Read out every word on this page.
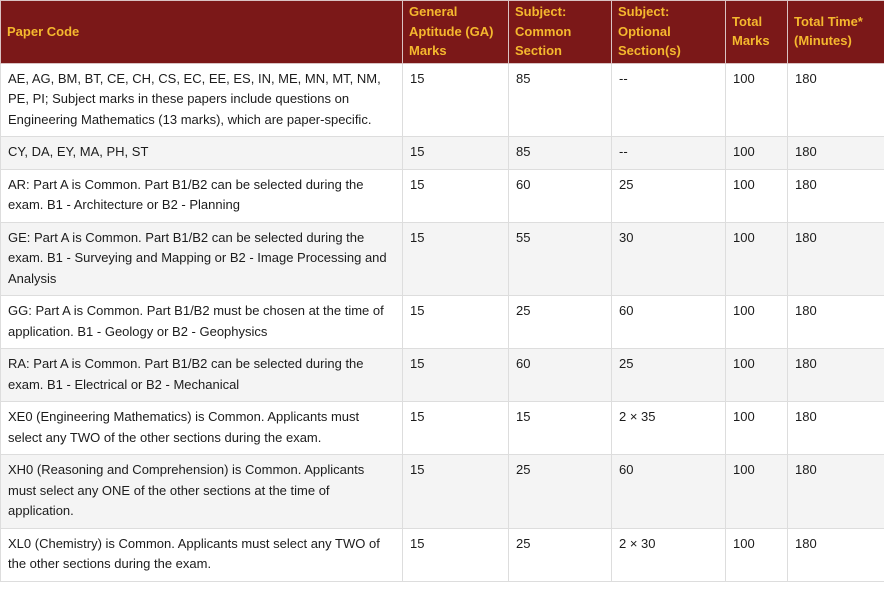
Paper Code	General Aptitude (GA) Marks	Subject: Common Section	Subject: Optional Section(s)	Total Marks	Total Time* (Minutes)
AE, AG, BM, BT, CE, CH, CS, EC, EE, ES, IN, ME, MN, MT, NM, PE, PI; Subject marks in these papers include questions on Engineering Mathematics (13 marks), which are paper-specific.	15	85	--	100	180
CY, DA, EY, MA, PH, ST	15	85	--	100	180
AR: Part A is Common. Part B1/B2 can be selected during the exam. B1 - Architecture or B2 - Planning	15	60	25	100	180
GE: Part A is Common. Part B1/B2 can be selected during the exam. B1 - Surveying and Mapping or B2 - Image Processing and Analysis	15	55	30	100	180
GG: Part A is Common. Part B1/B2 must be chosen at the time of application. B1 - Geology or B2 - Geophysics	15	25	60	100	180
RA: Part A is Common. Part B1/B2 can be selected during the exam. B1 - Electrical or B2 - Mechanical	15	60	25	100	180
XE0 (Engineering Mathematics) is Common. Applicants must select any TWO of the other sections during the exam.	15	15	2 × 35	100	180
XH0 (Reasoning and Comprehension) is Common. Applicants must select any ONE of the other sections at the time of application.	15	25	60	100	180
XL0 (Chemistry) is Common. Applicants must select any TWO of the other sections during the exam.	15	25	2 × 30	100	180
